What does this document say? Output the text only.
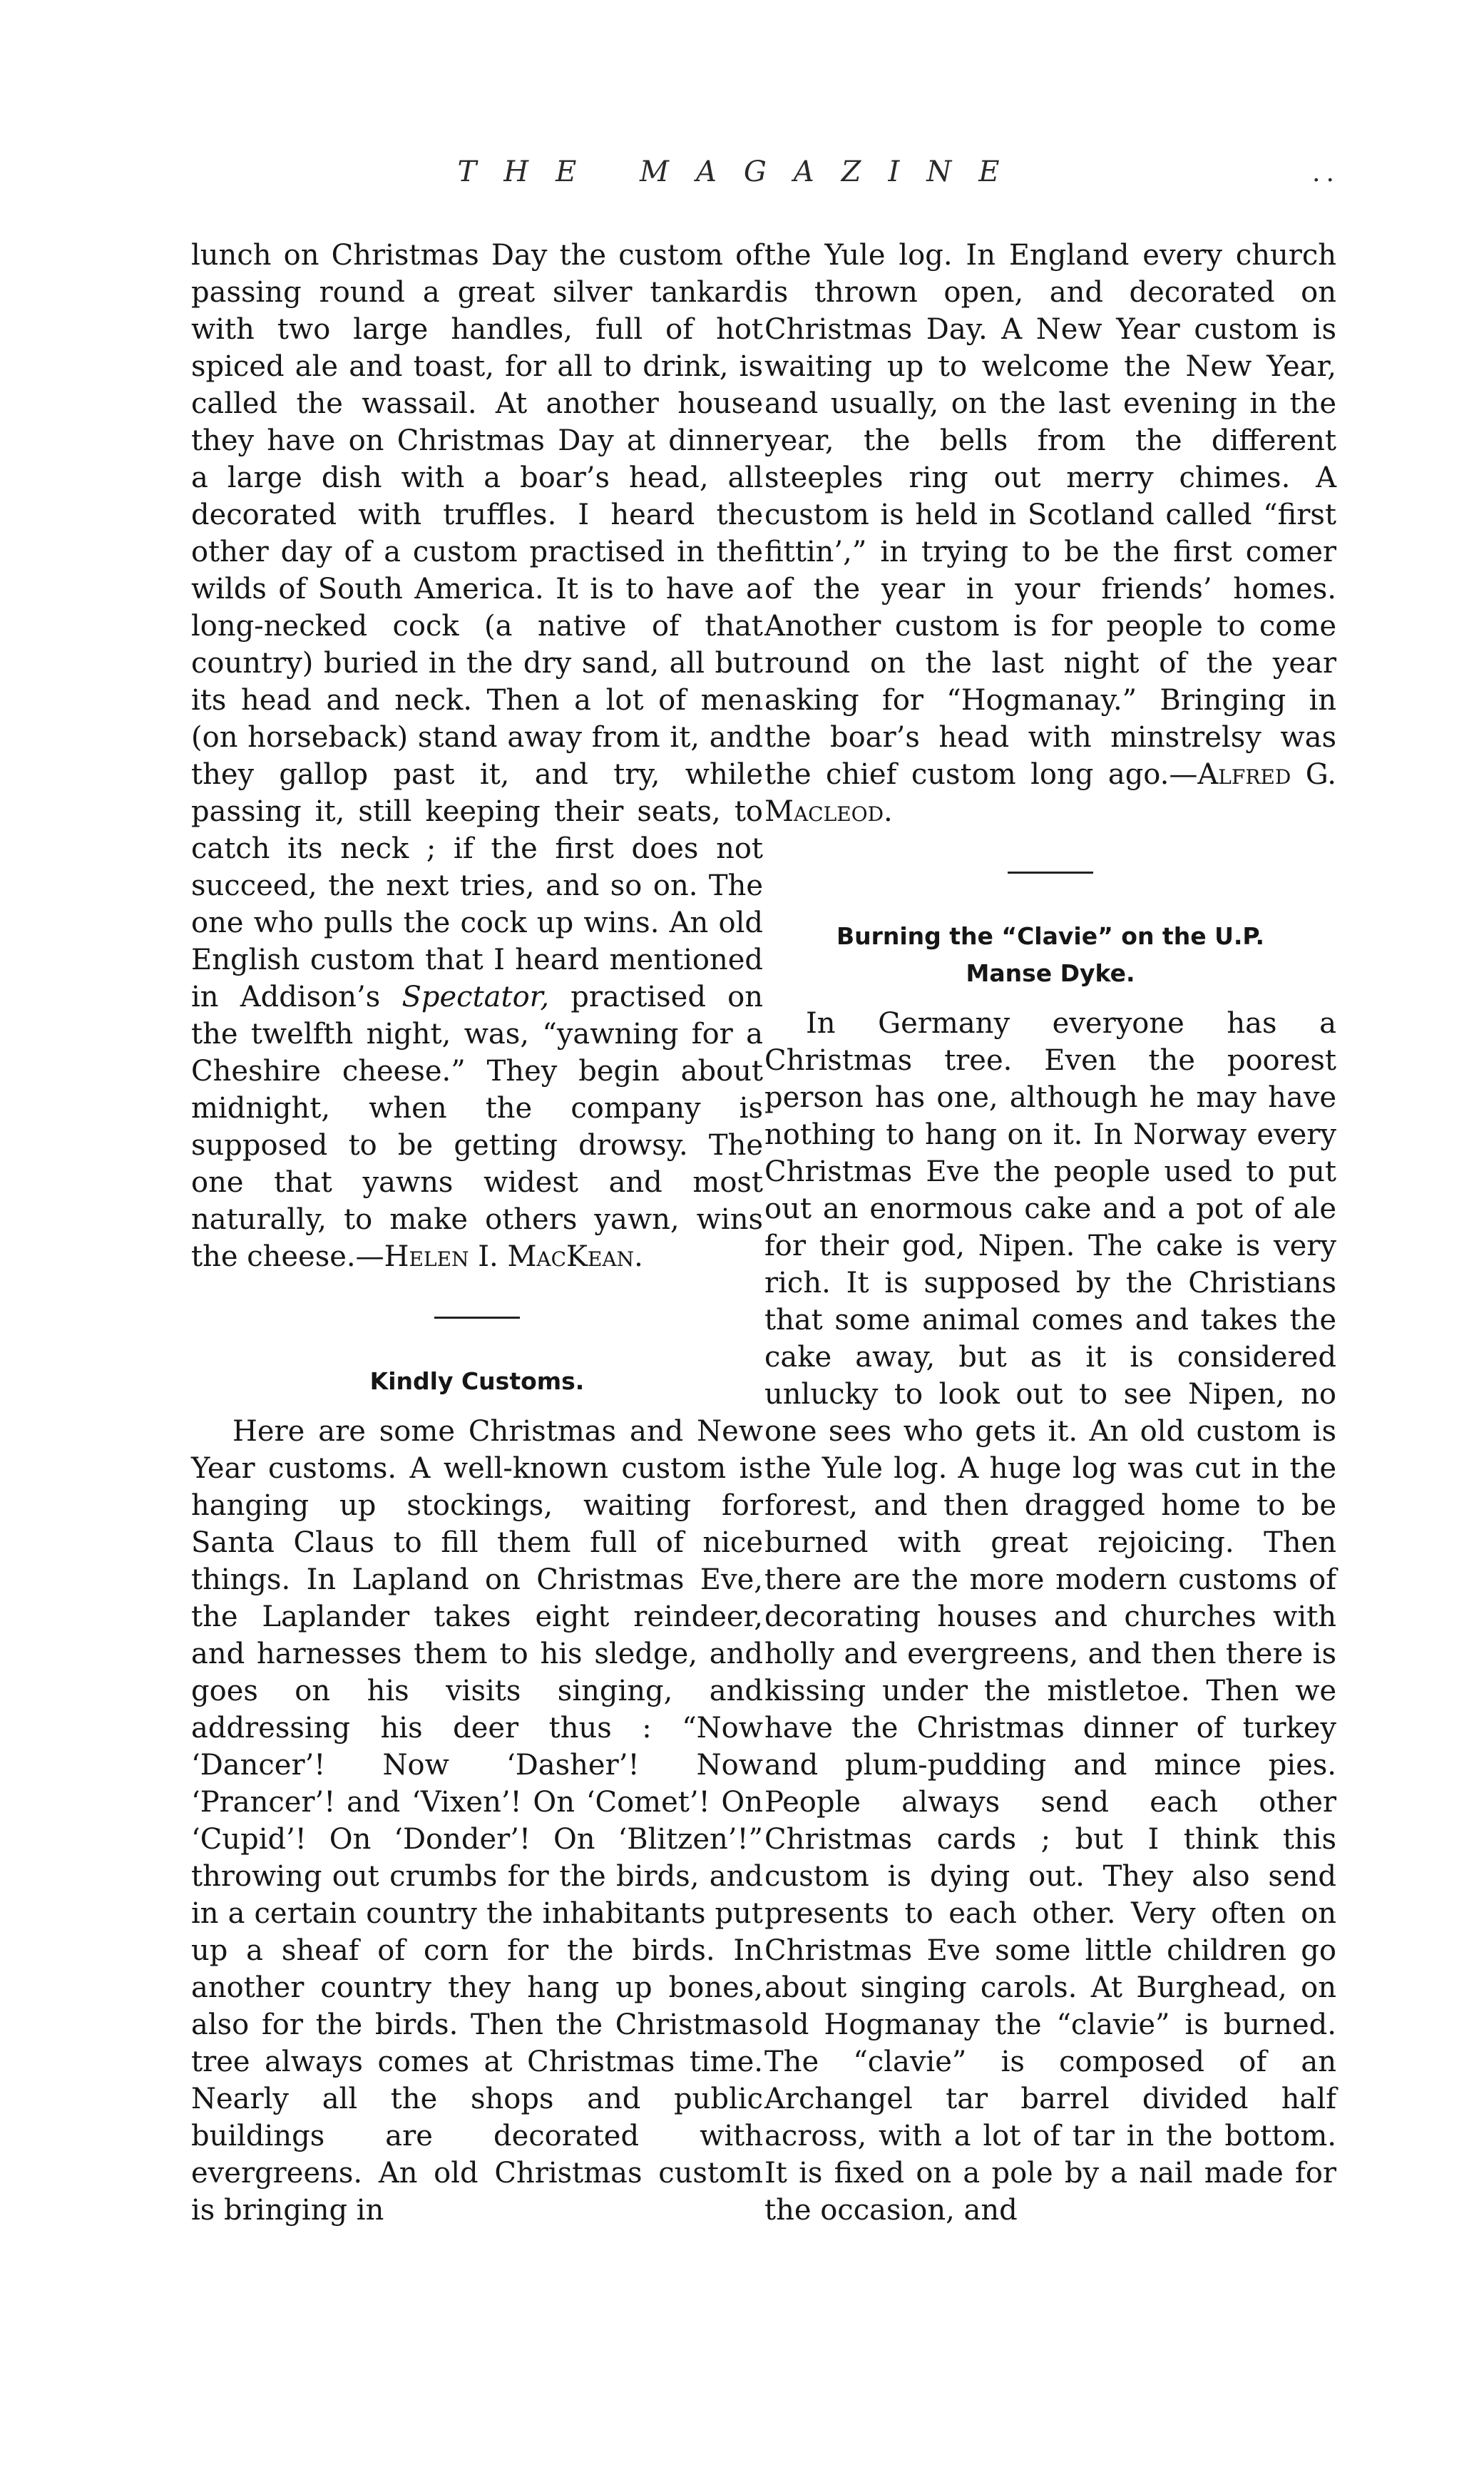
THE MAGAZINE	..

lunch on Christmas Day the custom of passing round a great silver tankard with two large handles, full of hot spiced ale and toast, for all to drink, is called the wassail. At another house they have on Christmas Day at dinner a large dish with a boar’s head, all decorated with truffles. I heard the other day of a custom practised in the wilds of South America. It is to have a long-necked cock (a native of that country) buried in the dry sand, all but its head and neck. Then a lot of men (on horseback) stand away from it, and they gallop past it, and try, while passing it, still keeping their seats, to catch its neck ; if the first does not succeed, the next tries, and so on. The one who pulls the cock up wins. An old English custom that I heard mentioned in Addison’s Spectator, practised on the twelfth night, was, “yawning for a Cheshire cheese.” They begin about midnight, when the company is supposed to be getting drowsy. The one that yawns widest and most naturally, to make others yawn, wins the cheese.—Helen I. MacKean.

Kindly Customs.

Here are some Christmas and New Year customs. A well-known custom is hanging up stockings, waiting for Santa Claus to fill them full of nice things. In Lapland on Christmas Eve, the Laplander takes eight reindeer, and harnesses them to his sledge, and goes on his visits singing, and addressing his deer thus : “Now ‘Dancer’! Now ‘Dasher’! Now ‘Prancer’! and ‘Vixen’! On ‘Comet’! On ‘Cupid’! On ‘Donder’! On ‘Blitzen’!” throwing out crumbs for the birds, and in a certain country the inhabitants put up a sheaf of corn for the birds. In another country they hang up bones, also for the birds. Then the Christmas tree always comes at Christmas time. Nearly all the shops and public buildings are decorated with evergreens. An old Christmas custom is bringing in

the Yule log. In England every church is thrown open, and decorated on Christmas Day. A New Year custom is waiting up to welcome the New Year, and usually, on the last evening in the year, the bells from the different steeples ring out merry chimes. A custom is held in Scotland called “first fittin’,” in trying to be the first comer of the year in your friends’ homes. Another custom is for people to come round on the last night of the year asking for “Hogmanay.” Bringing in the boar’s head with minstrelsy was the chief custom long ago.—Alfred G. Macleod.

Burning the “Clavie” on the U.P.
Manse Dyke.

In Germany everyone has a Christmas tree. Even the poorest person has one, although he may have nothing to hang on it. In Norway every Christmas Eve the people used to put out an enormous cake and a pot of ale for their god, Nipen. The cake is very rich. It is supposed by the Christians that some animal comes and takes the cake away, but as it is considered unlucky to look out to see Nipen, no one sees who gets it. An old custom is the Yule log. A huge log was cut in the forest, and then dragged home to be burned with great rejoicing. Then there are the more modern customs of decorating houses and churches with holly and evergreens, and then there is kissing under the mistletoe. Then we have the Christmas dinner of turkey and plum-pudding and mince pies. People always send each other Christmas cards ; but I think this custom is dying out. They also send presents to each other. Very often on Christmas Eve some little children go about singing carols. At Burghead, on old Hogmanay the “clavie” is burned. The “clavie” is composed of an Archangel tar barrel divided half across, with a lot of tar in the bottom. It is fixed on a pole by a nail made for the occasion, and
